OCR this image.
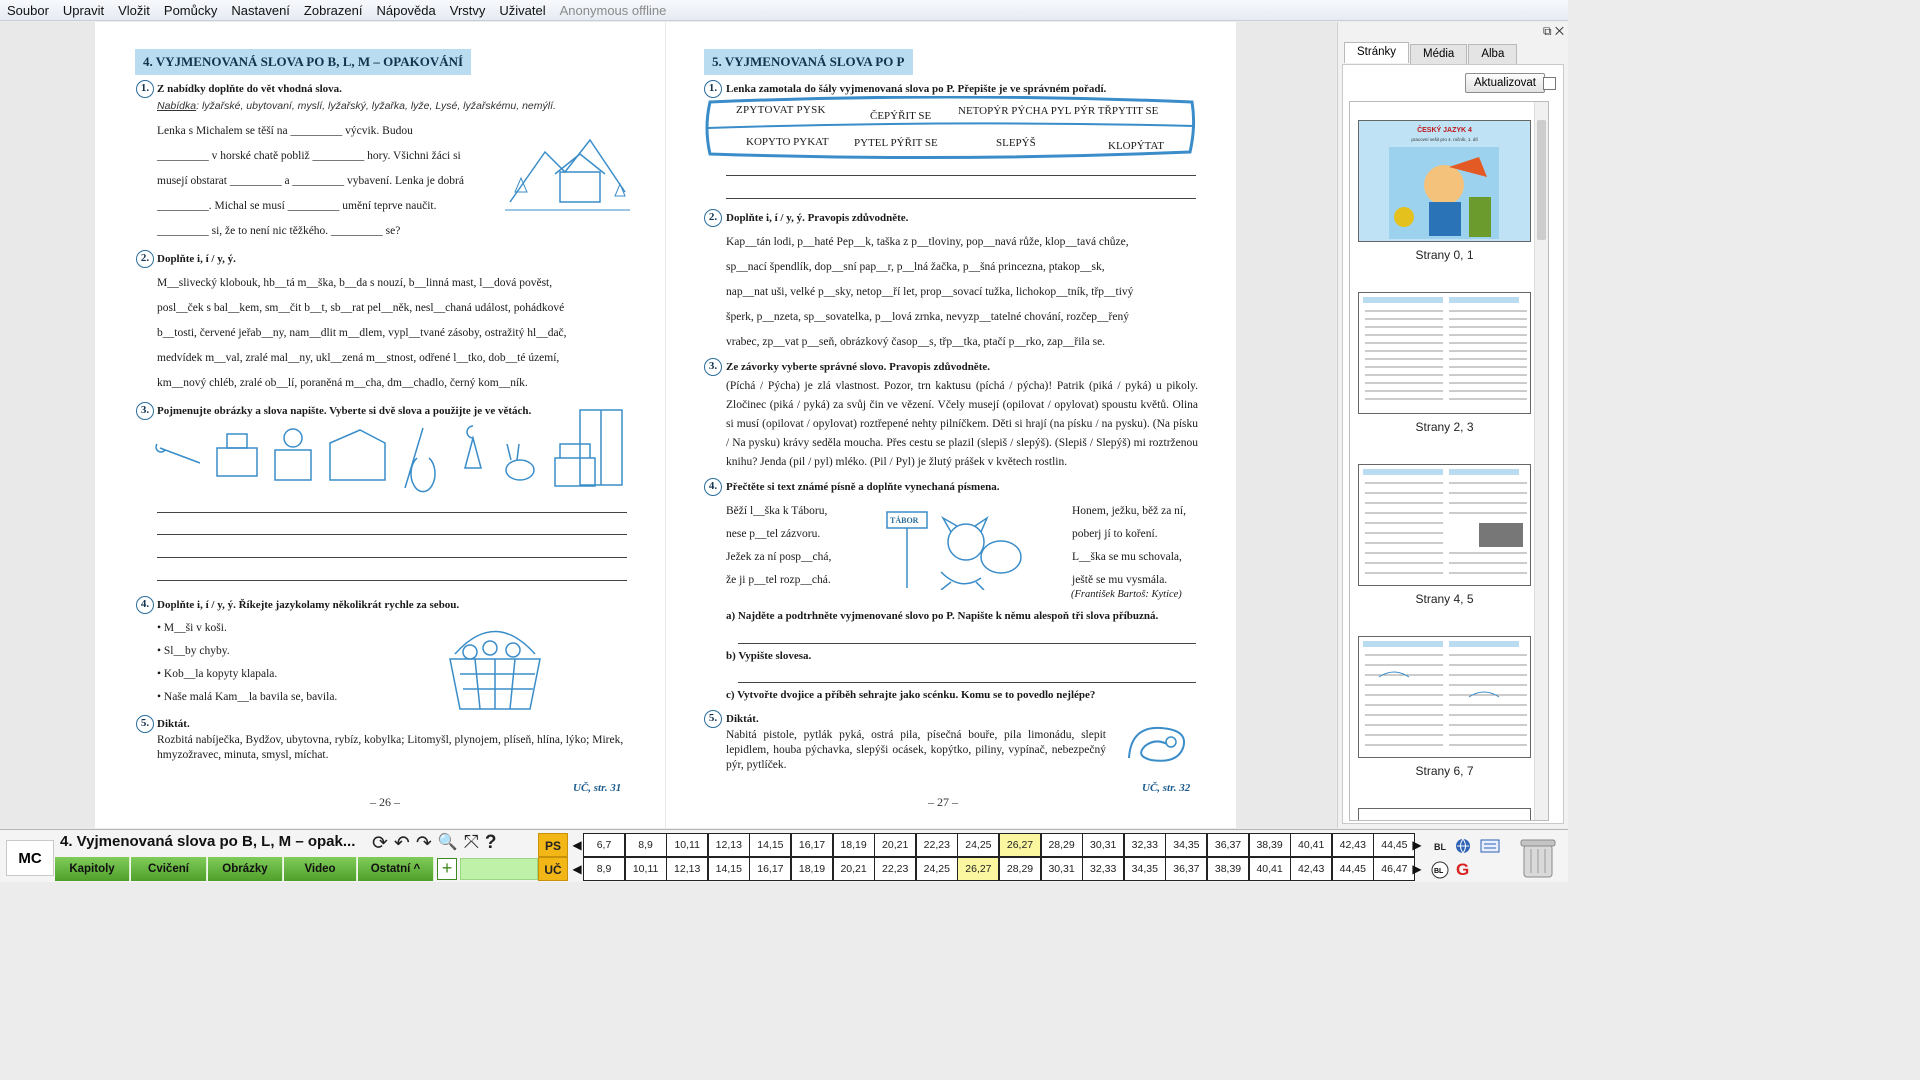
Soubor	Upravit	Vložit	Pomůcky	Nastavení	Zobrazení	Nápověda	Vrstvy	Uživatel	Anonymous offline
4. VYJMENOVANÁ SLOVA PO B, L, M – OPAKOVÁNÍ
1. Z nabídky doplňte do vět vhodná slova.
Nabídka: lyžařské, ubytovaní, myslí, lyžařský, lyžařka, lyže, Lysé, lyžařskému, nemýlí.
Lenka s Michalem se těší na _________ výcvik. Budou
_________ v horské chatě pobliž _________ hory. Všichni žáci si
musejí obstarat _________ a _________ vybavení. Lenka je dobrá
_________. Michal se musí _________ umění teprve naučit.
_________ si, že to není nic těžkého. _________ se?
2. Doplňte i, í / y, ý.
M__slivecký klobouk, hb__tá m__ška, b__da s nouzí, b__linná mast, l__dová pověst,
posl__ček s bal__kem, sm__čit b__t, sb__rat pel__něk, nesl__chaná událost, pohádkové
b__tosti, červené jeřab__ny, nam__dlit m__dlem, vypl__tvané zásoby, ostražitý hl__dač,
medvídek m__val, zralé mal__ny, ukl__zená m__stnost, odřené l__tko, dob__té území,
km__nový chléb, zralé ob__lí, poraněná m__cha, dm__chadlo, černý kom__ník.
3. Pojmenujte obrázky a slova napište. Vyberte si dvě slova a použijte je ve větách.
4. Doplňte i, í / y, ý. Říkejte jazykolamy několikrát rychle za sebou.
• M__ši v koši.
• Sl__by chyby.
• Kob__la kopyty klapala.
• Naše malá Kam__la bavila se, bavila.
5. Diktát.
Rozbitá nabíječka, Bydžov, ubytovna, rybíz, kobylka; Litomyšl, plynojem, plíseň, hlína, lýko; Mirek, hmyzožravec, minuta, smysl, míchat.
UČ, str. 31
– 26 –
5. VYJMENOVANÁ SLOVA PO P
1. Lenka zamotala do šály vyjmenovaná slova po P. Přepište je ve správném pořadí.
ZPYTOVAT PYSK	ČEPÝŘIT SE NETOPÝR PÝCHA PYL PÝR TŘPYTIT SE
KOPYTO PYKAT PYTEL PÝŘIT SE	SLEPÝŠ	KLOPÝTAT
2. Doplňte i, í / y, ý. Pravopis zdůvodněte.
Kap__tán lodi, p__haté Pep__k, taška z p__tloviny, pop__navá růže, klop__tavá chůze,
sp__nací špendlík, dop__sní pap__r, p__lná žačka, p__šná princezna, ptakop__sk,
nap__nat uši, velké p__sky, netop__ří let, prop__sovací tužka, lichokop__tník, třp__tivý
šperk, p__nzeta, sp__sovatelka, p__lová zrnka, nevyzp__tatelné chování, rozčep__řený
vrabec, zp__vat p__seň, obrázkový časop__s, třp__tka, ptačí p__rko, zap__řila se.
3. Ze závorky vyberte správné slovo. Pravopis zdůvodněte.
(Píchá / Pýcha) je zlá vlastnost. Pozor, trn kaktusu (píchá / pýcha)! Patrik (piká / pyká) u pikoly. Zločinec (piká / pyká) za svůj čin ve vězení. Včely musejí (opilovat / opylovat) spoustu květů. Olina si musí (opilovat / opylovat) roztřepené nehty pilníčkem. Děti si hrají (na písku / na pysku). (Na písku / Na pysku) krávy seděla moucha. Přes cestu se plazil (slepiš / slepýš). (Slepiš / Slepýš) mi roztrženou knihu? Jenda (pil / pyl) mléko. (Pil / Pyl) je žlutý prášek v květech rostlin.
4. Přečtěte si text známé písně a doplňte vynechaná písmena.
Běží l__ška k Táboru,
nese p__tel zázvoru.
Ježek za ní posp__chá,
že ji p__tel rozp__chá.
TÁBOR
Honem, ježku, běž za ní,
poberj jí to koření.
L__ška se mu schovala,
ještě se mu vysmála.
(František Bartoš: Kytice)
a) Najděte a podtrhněte vyjmenované slovo po P. Napište k němu alespoň tři slova příbuzná.
b) Vypište slovesa.
c) Vytvořte dvojice a příběh sehrajte jako scénku. Komu se to povedlo nejlépe?
5. Diktát.
Nabitá pistole, pytlák pyká, ostrá pila, písečná bouře, pila limonádu, slepit lepidlem, houba pýchavka, slepýši ocásek, kopýtko, piliny, vypínač, nebezpečný pýr, pytlíček.
UČ, str. 32
– 27 –
⧉ ✕
Stránky	Média	Alba
Aktualizovat
ČESKÝ JAZYK 4
pracovní sešit pro 4. ročník, 1. díl
Strany 0, 1
Strany 2, 3
Strany 4, 5
Strany 6, 7
MC
4. Vyjmenovaná slova po B, L, M – opak... ⟳ ↶ ↷ 🔍 ⤧ ?
Kapitoly	Cvičení	Obrázky	Video	Ostatní ^	+
PS
UČ
◀
◀
6,7	8,9	10,11	12,13	14,15	16,17	18,19	20,21	22,23	24,25	26,27	28,29	30,31	32,33	34,35	36,37	38,39	40,41	42,43	44,45
8,9	10,11	12,13	14,15	16,17	18,19	20,21	22,23	24,25	26,27	28,29	30,31	32,33	34,35	36,37	38,39	40,41	42,43	44,45	46,47
▶
▶
BL
BL G
